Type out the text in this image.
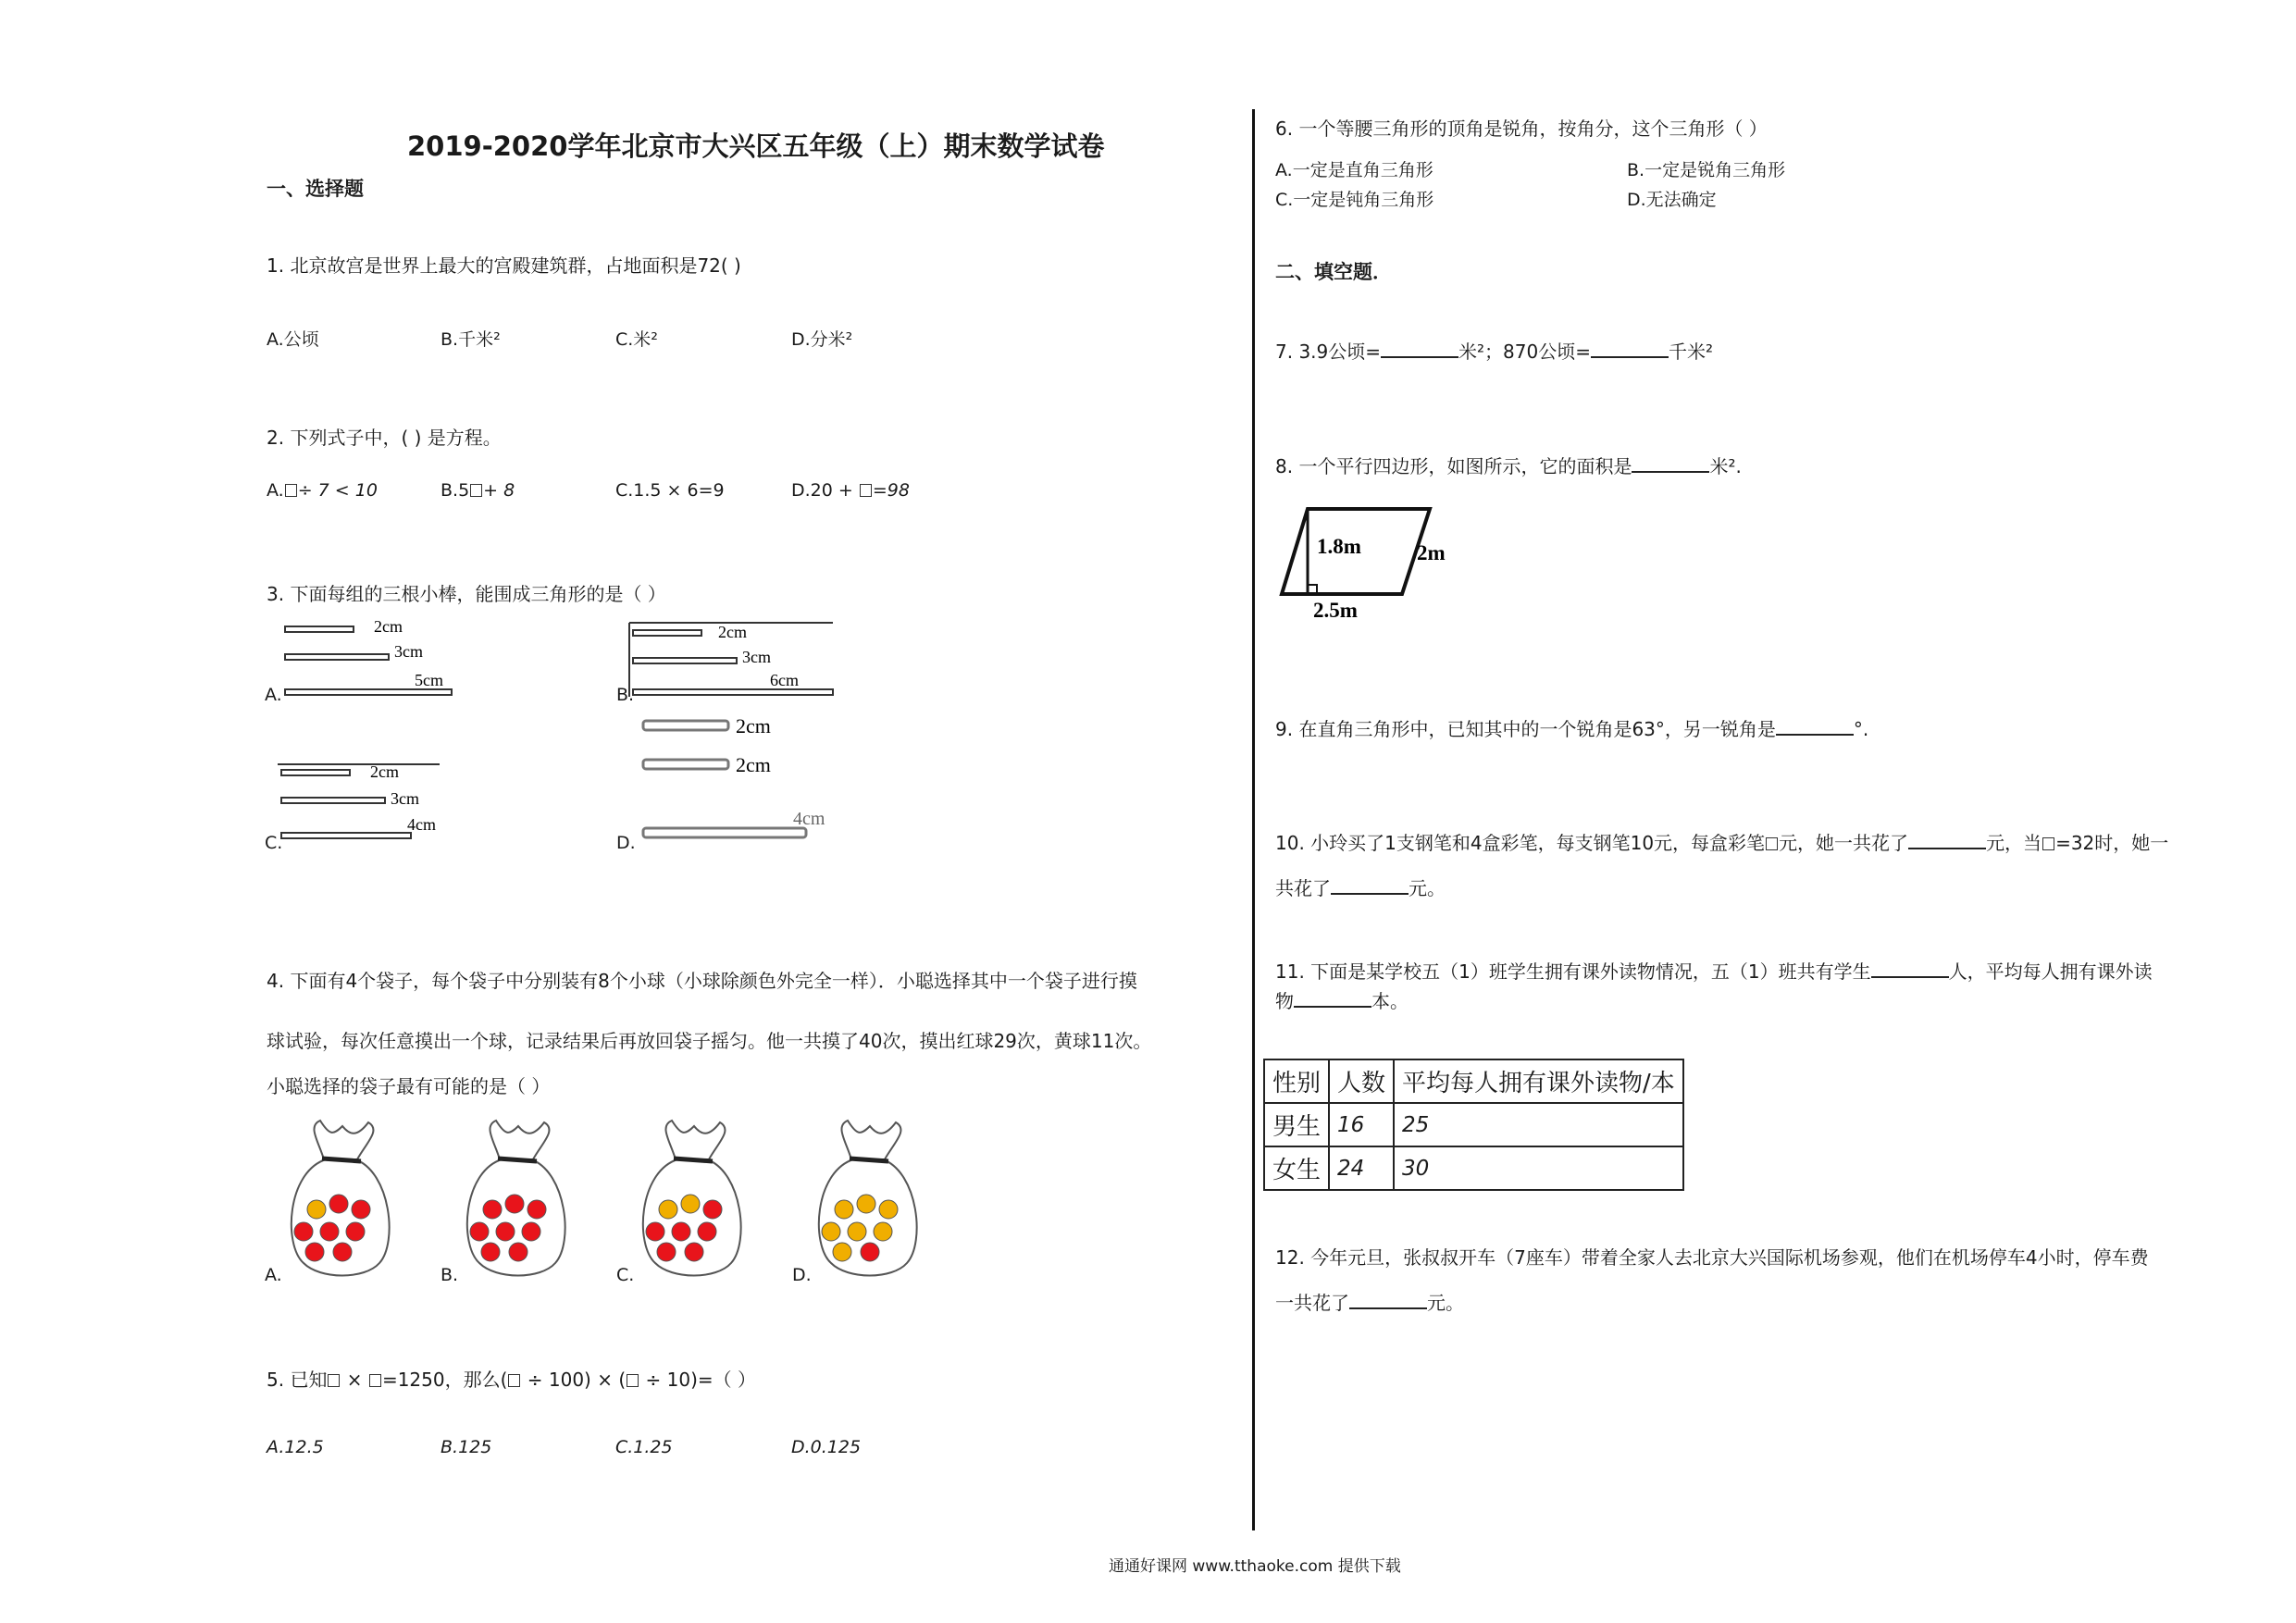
2019-2020学年北京市大兴区五年级（上）期末数学试卷
一、选择题
1. 北京故宫是世界上最大的宫殿建筑群，占地面积是72( )
A.公顷	B.千米²	C.米²	D.分米²
2. 下列式子中，( ) 是方程。
A. ÷ 7 < 10	B.5 + 8	C.1.5 × 6=9	D.20 + =98
3. 下面每组的三根小棒，能围成三角形的是（ ）
A.	B.
C.	D.
2cm
3cm
5cm
2cm
3cm
6cm
2cm
3cm
4cm
2cm
2cm
4cm
4. 下面有4个袋子，每个袋子中分别装有8个小球（小球除颜色外完全一样）．小聪选择其中一个袋子进行摸
球试验，每次任意摸出一个球，记录结果后再放回袋子摇匀。他一共摸了40次，摸出红球29次，黄球11次。
小聪选择的袋子最有可能的是（ ）
A.	B.	C.	D.
5. 已知 × =1250，那么( ÷ 100) × ( ÷ 10)=（ ）
A.12.5	B.125	C.1.25	D.0.125
6. 一个等腰三角形的顶角是锐角，按角分，这个三角形（ ）
A.一定是直角三角形	B.一定是锐角三角形
C.一定是钝角三角形	D.无法确定
二、填空题．
7. 3.9公顷=	米²；870公顷=	千米²
8. 一个平行四边形，如图所示，它的面积是	米².
1.8m	2m
2.5m
9. 在直角三角形中，已知其中的一个锐角是63°，另一锐角是	°.
10. 小玲买了1支钢笔和4盒彩笔，每支钢笔10元，每盒彩笔 元，她一共花了	元，当 =32时，她一
共花了	元。
11. 下面是某学校五（1）班学生拥有课外读物情况，五（1）班共有学生	人，平均每人拥有课外读
物	本。
性别	人数	平均每人拥有课外读物/本
男生	16	25
女生	24	30
12. 今年元旦，张叔叔开车（7座车）带着全家人去北京大兴国际机场参观，他们在机场停车4小时，停车费
一共花了	元。
通通好课网 www.tthaoke.com 提供下载
